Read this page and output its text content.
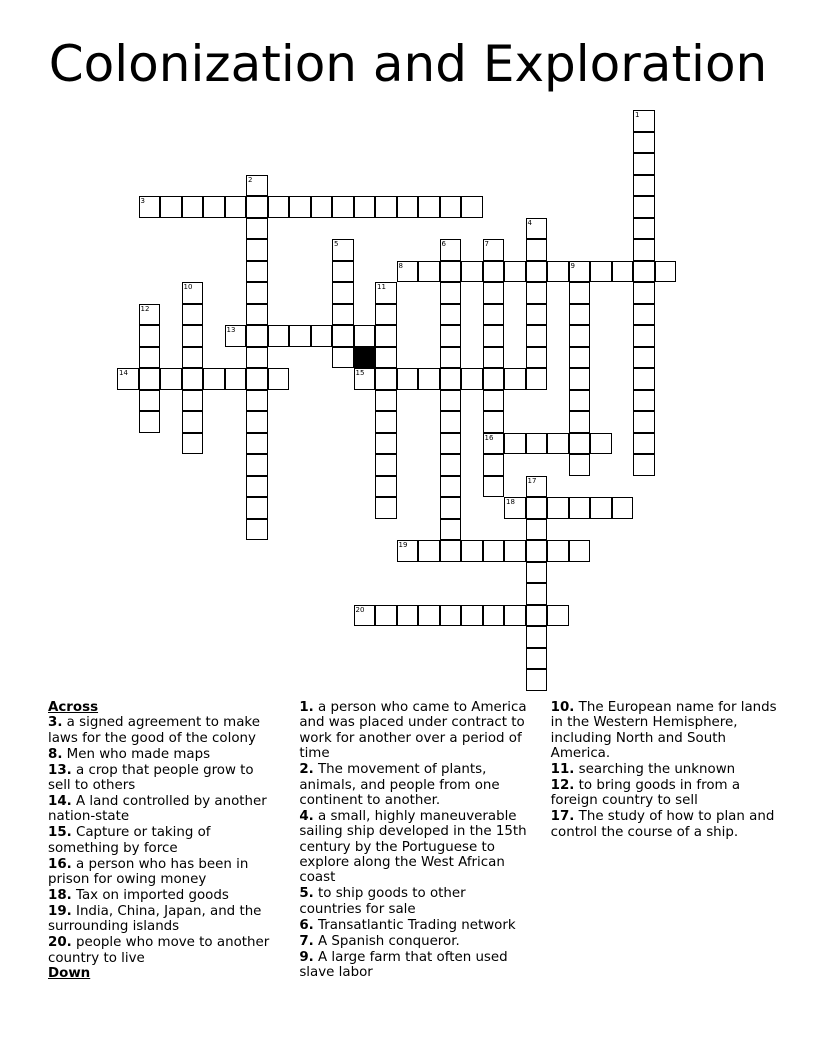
Colonization and Exploration
1
2
3
4
5	6	7
16
8	9
10	11
12
13
14	15
17
18
19
20
Across
3. a signed agreement to make laws for the good of the colony
8. Men who made maps
13. a crop that people grow to sell to others
14. A land controlled by another nation-state
15. Capture or taking of something by force
16. a person who has been in prison for owing money
18. Tax on imported goods
19. India, China, Japan, and the surrounding islands
20. people who move to another country to live
Down
1. a person who came to America and was placed under contract to work for another over a period of time
2. The movement of plants, animals, and people from one continent to another.
4. a small, highly maneuverable sailing ship developed in the 15th century by the Portuguese to explore along the West African coast
5. to ship goods to other countries for sale
6. Transatlantic Trading network
7. A Spanish conqueror.
9. A large farm that often used slave labor
10. The European name for lands in the Western Hemisphere, including North and South America.
11. searching the unknown
12. to bring goods in from a foreign country to sell
17. The study of how to plan and control the course of a ship.
